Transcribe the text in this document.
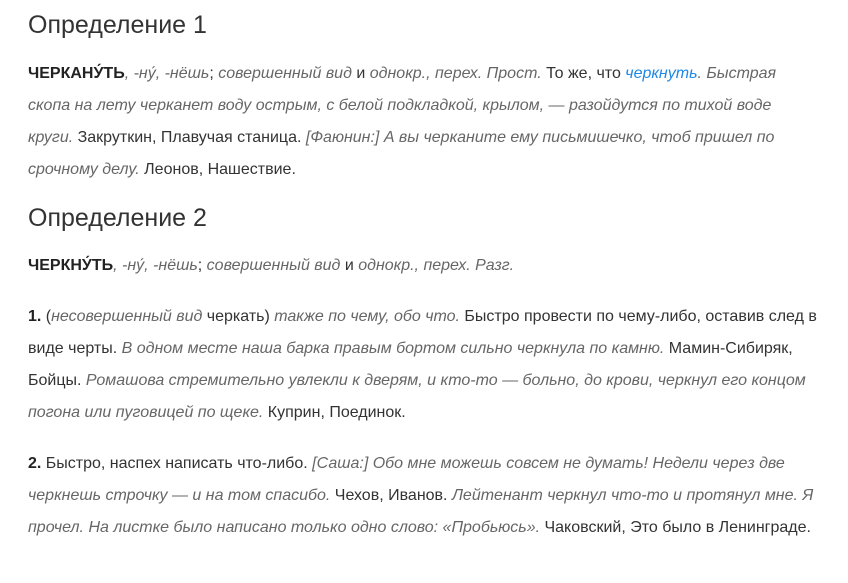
Определение 1

ЧЕРКАНУ́ТЬ, -ну́, -нёшь; совершенный вид и однокр., перех. Прост. То же, что черкнуть. Быстрая скопа на лету черканет воду острым, с белой подкладкой, крылом, — разойдутся по тихой воде круги. Закруткин, Плавучая станица. [Фаюнин:] А вы черканите ему письмишечко, чтоб пришел по срочному делу. Леонов, Нашествие.

Определение 2

ЧЕРКНУ́ТЬ, -ну́, -нёшь; совершенный вид и однокр., перех. Разг.

1. (несовершенный вид черкать) также по чему, обо что. Быстро провести по чему-либо, оставив след в виде черты. В одном месте наша барка правым бортом сильно черкнула по камню. Мамин-Сибиряк, Бойцы. Ромашова стремительно увлекли к дверям, и кто-то — больно, до крови, черкнул его концом погона или пуговицей по щеке. Куприн, Поединок.

2. Быстро, наспех написать что-либо. [Саша:] Обо мне можешь совсем не думать! Недели через две черкнешь строчку — и на том спасибо. Чехов, Иванов. Лейтенант черкнул что-то и протянул мне. Я прочел. На листке было написано только одно слово: «Пробьюсь». Чаковский, Это было в Ленинграде.
